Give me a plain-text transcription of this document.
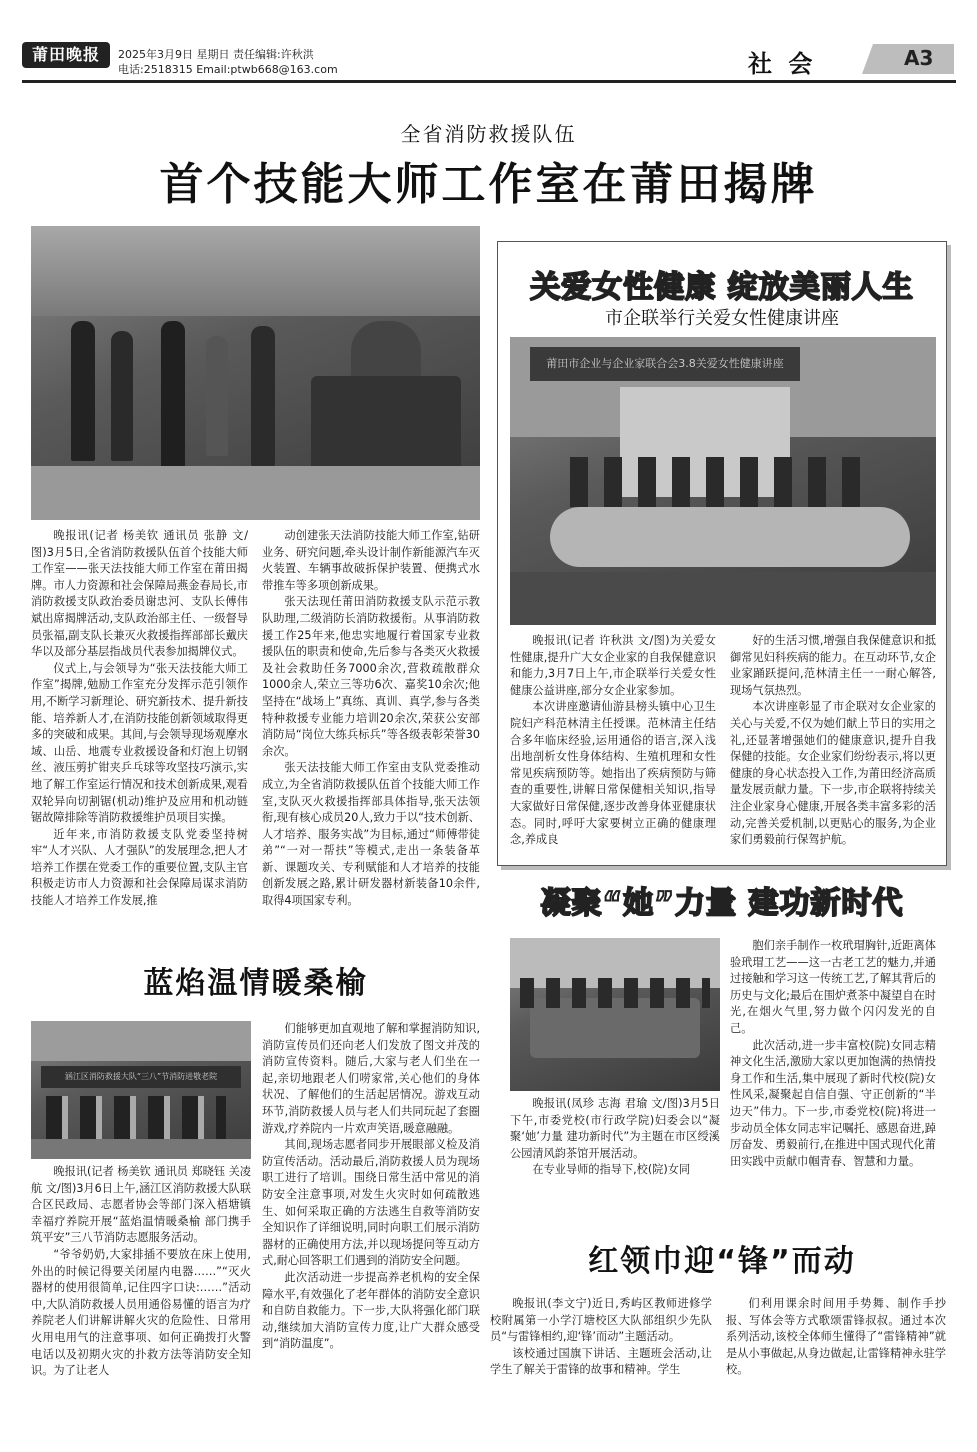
莆田晚报	2025年3月9日 星期日 责任编辑:许秋洪
电话:2518315 Email:ptwb668@163.com	社 会	A3
全省消防救援队伍
首个技能大师工作室在莆田揭牌

晚报讯(记者 杨美钦 通讯员 张静 文/图)3月5日,全省消防救援队伍首个技能大师工作室——张天法技能大师工作室在莆田揭牌。市人力资源和社会保障局燕金春局长,市消防救援支队政治委员谢忠河、支队长傅伟斌出席揭牌活动,支队政治部主任、一级督导员张福,副支队长兼灭火救援指挥部部长戴庆华以及部分基层指战员代表参加揭牌仪式。

仪式上,与会领导为“张天法技能大师工作室”揭牌,勉励工作室充分发挥示范引领作用,不断学习新理论、研究新技术、提升新技能、培养新人才,在消防技能创新领域取得更多的突破和成果。其间,与会领导现场观摩水域、山岳、地震专业救援设备和灯泡上切钢丝、液压剪扩钳夹乒乓球等攻坚技巧演示,实地了解工作室运行情况和技术创新成果,观看双轮异向切割锯(机动)维护及应用和机动链锯故障排除等消防救援维护员项目实操。

近年来,市消防救援支队党委坚持树牢“人才兴队、人才强队”的发展理念,把人才培养工作摆在党委工作的重要位置,支队主官积极走访市人力资源和社会保障局谋求消防技能人才培养工作发展,推

动创建张天法消防技能大师工作室,钻研业务、研究问题,牵头设计制作新能源汽车灭火装置、车辆事故破拆保护装置、便携式水带推车等多项创新成果。

张天法现任莆田消防救援支队示范示教队助理,二级消防长消防救援衔。从事消防救援工作25年来,他忠实地履行着国家专业救援队伍的职责和使命,先后参与各类灭火救援及社会救助任务7000余次,营救疏散群众1000余人,荣立三等功6次、嘉奖10余次;他坚持在“战场上”真练、真训、真学,参与各类特种救援专业能力培训20余次,荣获公安部消防局“岗位大练兵标兵”等各级表彰荣誉30余次。

张天法技能大师工作室由支队党委推动成立,为全省消防救援队伍首个技能大师工作室,支队灭火救援指挥部具体指导,张天法领衔,现有核心成员20人,致力于以“技术创新、人才培养、服务实战”为目标,通过“师傅带徒弟”“一对一帮扶”等模式,走出一条装备革新、课题攻关、专利赋能和人才培养的技能创新发展之路,累计研发器材新装备10余件,取得4项国家专利。

关爱女性健康 绽放美丽人生
市企联举行关爱女性健康讲座
莆田市企业与企业家联合会3.8关爱女性健康讲座

晚报讯(记者 许秋洪 文/图)为关爱女性健康,提升广大女企业家的自我保健意识和能力,3月7日上午,市企联举行关爱女性健康公益讲座,部分女企业家参加。

本次讲座邀请仙游县榜头镇中心卫生院妇产科范林清主任授课。范林清主任结合多年临床经验,运用通俗的语言,深入浅出地剖析女性身体结构、生殖机理和女性常见疾病预防等。她指出了疾病预防与筛查的重要性,讲解日常保健相关知识,指导大家做好日常保健,逐步改善身体亚健康状态。同时,呼吁大家要树立正确的健康理念,养成良

好的生活习惯,增强自我保健意识和抵御常见妇科疾病的能力。在互动环节,女企业家踊跃提问,范林清主任一一耐心解答,现场气氛热烈。

本次讲座彰显了市企联对女企业家的关心与关爱,不仅为她们献上节日的实用之礼,还显著增强她们的健康意识,提升自我保健的技能。女企业家们纷纷表示,将以更健康的身心状态投入工作,为莆田经济高质量发展贡献力量。下一步,市企联将持续关注企业家身心健康,开展各类丰富多彩的活动,完善关爱机制,以更贴心的服务,为企业家们勇毅前行保驾护航。

凝聚“她”力量 建功新时代

晚报讯(凤珍 志海 君瑜 文/图)3月5日下午,市委党校(市行政学院)妇委会以“凝聚‘她’力量 建功新时代”为主题在市区绶溪公园清风韵茶馆开展活动。

在专业导师的指导下,校(院)女同

胞们亲手制作一枚玳瑁胸针,近距离体验玳瑁工艺——这一古老工艺的魅力,并通过接触和学习这一传统工艺,了解其背后的历史与文化;最后在围炉煮茶中凝望自在时光,在烟火气里,努力做个闪闪发光的自己。

此次活动,进一步丰富校(院)女同志精神文化生活,激励大家以更加饱满的热情投身工作和生活,集中展现了新时代校(院)女性风采,凝聚起自信自强、守正创新的“半边天”伟力。下一步,市委党校(院)将进一步动员全体女同志牢记嘱托、感恩奋进,踔厉奋发、勇毅前行,在推进中国式现代化莆田实践中贡献巾帼青春、智慧和力量。

蓝焰温情暖桑榆
涵江区消防救援大队“三八”节消防进敬老院

晚报讯(记者 杨美钦 通讯员 郑晓钰 关凌航 文/图)3月6日上午,涵江区消防救援大队联合区民政局、志愿者协会等部门深入梧塘镇幸福疗养院开展“蓝焰温情暖桑榆 部门携手筑平安”三八节消防志愿服务活动。

“爷爷奶奶,大家排插不要放在床上使用,外出的时候记得要关闭屋内电器……”“灭火器材的使用很简单,记住四字口诀:……”活动中,大队消防救援人员用通俗易懂的语言为疗养院老人们讲解讲解火灾的危险性、日常用火用电用气的注意事项、如何正确拨打火警电话以及初期火灾的扑救方法等消防安全知识。为了让老人

们能够更加直观地了解和掌握消防知识,消防宣传员们还向老人们发放了图文并茂的消防宣传资料。随后,大家与老人们坐在一起,亲切地跟老人们唠家常,关心他们的身体状况、了解他们的生活起居情况。游戏互动环节,消防救援人员与老人们共同玩起了套圈游戏,疗养院内一片欢声笑语,暖意融融。

其间,现场志愿者同步开展眼部义检及消防宣传活动。活动最后,消防救援人员为现场职工进行了培训。围绕日常生活中常见的消防安全注意事项,对发生火灾时如何疏散逃生、如何采取正确的方法逃生自救等消防安全知识作了详细说明,同时向职工们展示消防器材的正确使用方法,并以现场提问等互动方式,耐心回答职工们遇到的消防安全问题。

此次活动进一步提高养老机构的安全保障水平,有效强化了老年群体的消防安全意识和自防自救能力。下一步,大队将强化部门联动,继续加大消防宣传力度,让广大群众感受到“消防温度”。

红领巾迎“锋”而动

晚报讯(李文宁)近日,秀屿区教师进修学校附属第一小学汀塘校区大队部组织少先队员“与雷锋相约,迎‘锋’而动”主题活动。

该校通过国旗下讲话、主题班会活动,让学生了解关于雷锋的故事和精神。学生

们利用课余时间用手势舞、制作手抄报、写体会等方式歌颂雷锋叔叔。通过本次系列活动,该校全体师生懂得了“雷锋精神”就是从小事做起,从身边做起,让雷锋精神永驻学校。
